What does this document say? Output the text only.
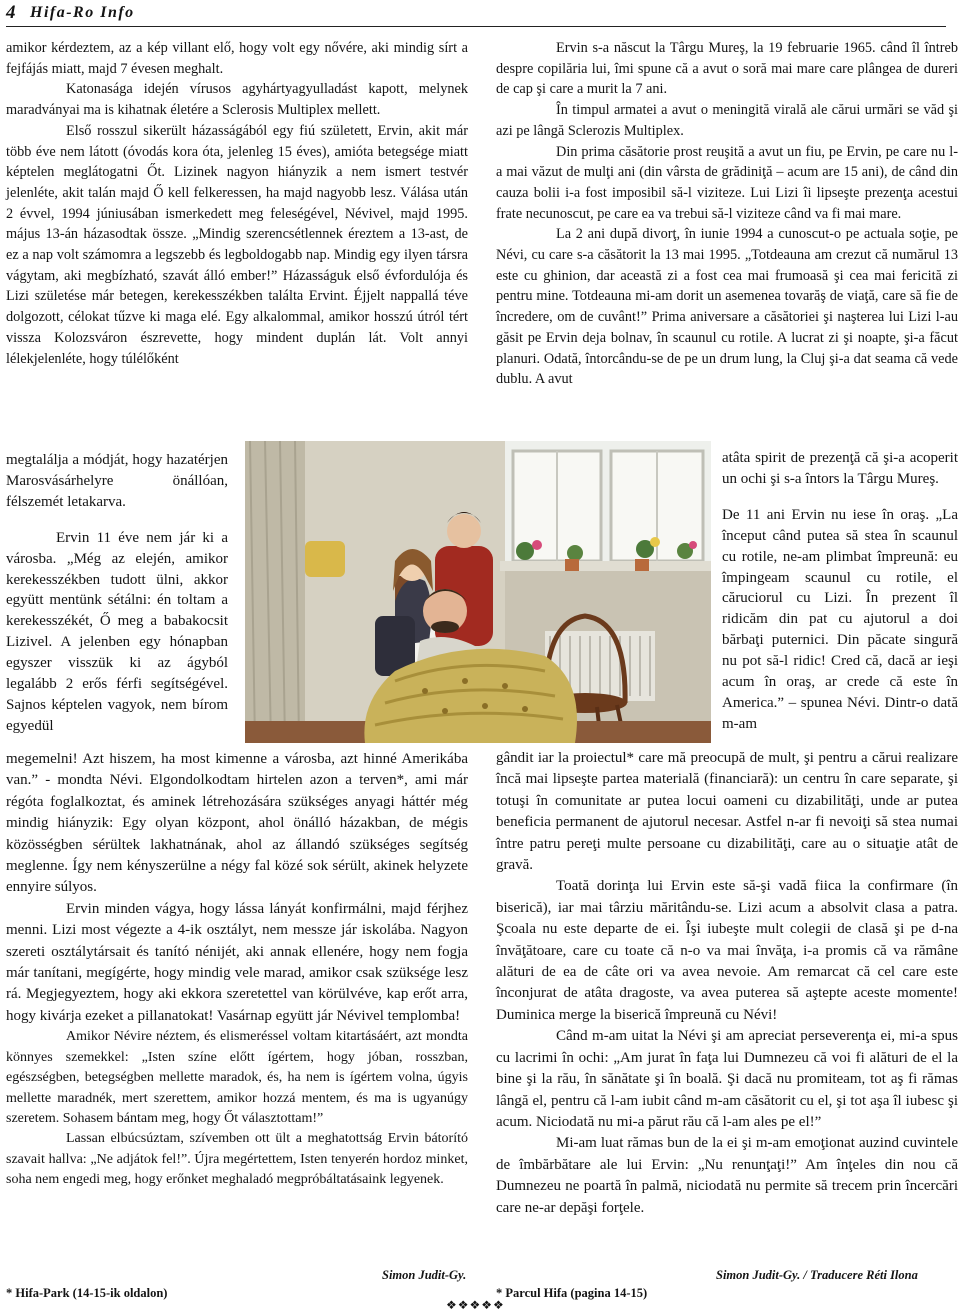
4 Hifa-Ro Info

amikor kérdeztem, az a kép villant elő, hogy volt egy nővére, aki mindig sírt a fejfájás miatt, majd 7 évesen meghalt.

Katonasága idején vírusos agyhártyagyulladást kapott, melynek maradványai ma is kihatnak életére a Sclerosis Multiplex mellett.

Első rosszul sikerült házasságából egy fiú született, Ervin, akit már több éve nem látott (óvodás kora óta, jelenleg 15 éves), amióta betegsége miatt képtelen meglátogatni Őt. Lizinek nagyon hiányzik a nem ismert testvér jelenléte, akit talán majd Ő kell felkeressen, ha majd nagyobb lesz. Válása után 2 évvel, 1994 júniusában ismerkedett meg feleségével, Névivel, majd 1995. május 13-án házasodtak össze. „Mindig szerencsétlennek éreztem a 13-ast, de ez a nap volt számomra a legszebb és legboldogabb nap. Mindig egy ilyen társra vágytam, aki megbízható, szavát álló ember!” Házasságuk első évfordulója és Lizi születése már betegen, kerekesszékben találta Ervint. Éjjelt nappallá téve dolgozott, célokat tűzve ki maga elé. Egy alkalommal, amikor hosszú útról tért vissza Kolozsváron észrevette, hogy mindent duplán lát. Volt annyi lélekjelenléte, hogy túlélőként

megtalálja a módját, hogy hazatérjen Marosvásárhelyre önállóan, félszemét letakarva.

Ervin 11 éve nem jár ki a városba. „Még az elején, amikor kerekesszékben tudott ülni, akkor együtt mentünk sétálni: én toltam a kerekesszékét, Ő meg a babakocsit Lizivel. A jelenben egy hónapban egyszer visszük ki az ágyból legalább 2 erős férfi segítségével. Sajnos képtelen vagyok, nem bírom egyedül

megemelni! Azt hiszem, ha most kimenne a városba, azt hinné Amerikába van.” - mondta Névi. Elgondolkodtam hirtelen azon a terven*, ami már régóta foglalkoztat, és aminek létrehozására szükséges anyagi háttér még mindig hiányzik: Egy olyan központ, ahol önálló házakban, de mégis közösségben sérültek lakhatnának, ahol az állandó szükséges segítség meglenne. Így nem kényszerülne a négy fal közé sok sérült, akinek helyzete ennyire súlyos.

Ervin minden vágya, hogy lássa lányát konfirmálni, majd férjhez menni. Lizi most végezte a 4-ik osztályt, nem messze jár iskolába. Nagyon szereti osztálytársait és tanító nénijét, aki annak ellenére, hogy nem fogja már tanítani, megígérte, hogy mindig vele marad, amikor csak szüksége lesz rá. Megjegyeztem, hogy aki ekkora szeretettel van körülvéve, kap erőt arra, hogy kivárja ezeket a pillanatokat! Vasárnap együtt jár Névivel templomba!

Amikor Névire néztem, és elismeréssel voltam kitartásáért, azt mondta könnyes szemekkel: „Isten színe előtt ígértem, hogy jóban, rosszban, egészségben, betegségben mellette maradok, és, ha nem is ígértem volna, úgyis mellette maradnék, mert szerettem, amikor hozzá mentem, és ma is ugyanúgy szeretem. Sohasem bántam meg, hogy Őt választottam!”

Lassan elbúcsúztam, szívemben ott ült a meghatottság Ervin bátorító szavait hallva: „Ne adjátok fel!”. Újra megértettem, Isten tenyerén hordoz minket, soha nem engedi meg, hogy erőnket meghaladó megpróbáltatásaink legyenek.

Simon Judit-Gy.
* Hifa-Park (14-15-ik oldalon)

Ervin s-a născut la Târgu Mureş, la 19 februarie 1965. când îl întreb despre copilăria lui, îmi spune că a avut o soră mai mare care plângea de dureri de cap şi care a murit la 7 ani.

În timpul armatei a avut o meningită virală ale cărui urmări se văd şi azi pe lângă Sclerozis Multiplex.

Din prima căsătorie prost reuşită a avut un fiu, pe Ervin, pe care nu l-a mai văzut de mulţi ani (din vârsta de grădiniţă – acum are 15 ani), de când din cauza bolii i-a fost imposibil să-l viziteze. Lui Lizi îi lipseşte prezenţa acestui frate necunoscut, pe care ea va trebui să-l viziteze când va fi mai mare.

La 2 ani după divorţ, în iunie 1994 a cunoscut-o pe actuala soţie, pe Névi, cu care s-a căsătorit la 13 mai 1995. „Totdeauna am crezut că numărul 13 este cu ghinion, dar această zi a fost cea mai frumoasă şi cea mai fericită zi pentru mine. Totdeauna mi-am dorit un asemenea tovarăş de viaţă, care să fie de încredere, om de cuvânt!” Prima aniversare a căsătoriei şi naşterea lui Lizi l-au găsit pe Ervin deja bolnav, în scaunul cu rotile. A lucrat zi şi noapte, şi-a făcut planuri. Odată, întorcându-se de pe un drum lung, la Cluj şi-a dat seama că vede dublu. A avut

atâta spirit de prezenţă că şi-a acoperit un ochi şi s-a întors la Târgu Mureş.

De 11 ani Ervin nu iese în oraş. „La început când putea să stea în scaunul cu rotile, ne-am plimbat împreună: eu împingeam scaunul cu rotile, el căruciorul cu Lizi. În prezent îl ridicăm din pat cu ajutorul a doi bărbaţi puternici. Din păcate singură nu pot să-l ridic! Cred că, dacă ar ieşi acum în oraş, ar crede că este în America.” – spunea Névi. Dintr-o dată m-am

gândit iar la proiectul* care mă preocupă de mult, şi pentru a cărui realizare încă mai lipseşte partea materială (financiară): un centru în care separate, şi totuşi în comunitate ar putea locui oameni cu dizabilităţi, unde ar putea beneficia permanent de ajutorul necesar. Astfel n-ar fi nevoiţi să stea numai între patru pereţi multe persoane cu dizabilităţi, care au o situaţie atât de gravă.

Toată dorinţa lui Ervin este să-şi vadă fiica la confirmare (în biserică), iar mai târziu măritându-se. Lizi acum a absolvit clasa a patra. Şcoala nu este departe de ei. Îşi iubeşte mult colegii de clasă şi pe d-na învăţătoare, care cu toate că n-o va mai învăţa, i-a promis că va rămâne alături de ea de câte ori va avea nevoie. Am remarcat că cel care este înconjurat de atâta dragoste, va avea puterea să aştepte aceste momente! Duminica merge la biserică împreună cu Névi!

Când m-am uitat la Névi şi am apreciat perseverenţa ei, mi-a spus cu lacrimi în ochi: „Am jurat în faţa lui Dumnezeu că voi fi alături de el la bine şi la rău, în sănătate şi în boală. Şi dacă nu promiteam, tot aş fi rămas lângă el, pentru că l-am iubit când m-am căsătorit cu el, şi tot aşa îl iubesc şi acum. Niciodată nu mi-a părut rău că l-am ales pe el!”

Mi-am luat rămas bun de la ei şi m-am emoţionat auzind cuvintele de îmbărbătare ale lui Ervin: „Nu renunţaţi!” Am înţeles din nou că Dumnezeu ne poartă în palmă, niciodată nu permite să trecem prin încercări care ne-ar depăşi forţele.

Simon Judit-Gy. / Traducere Réti Ilona
* Parcul Hifa (pagina 14-15)
❖❖❖❖❖
